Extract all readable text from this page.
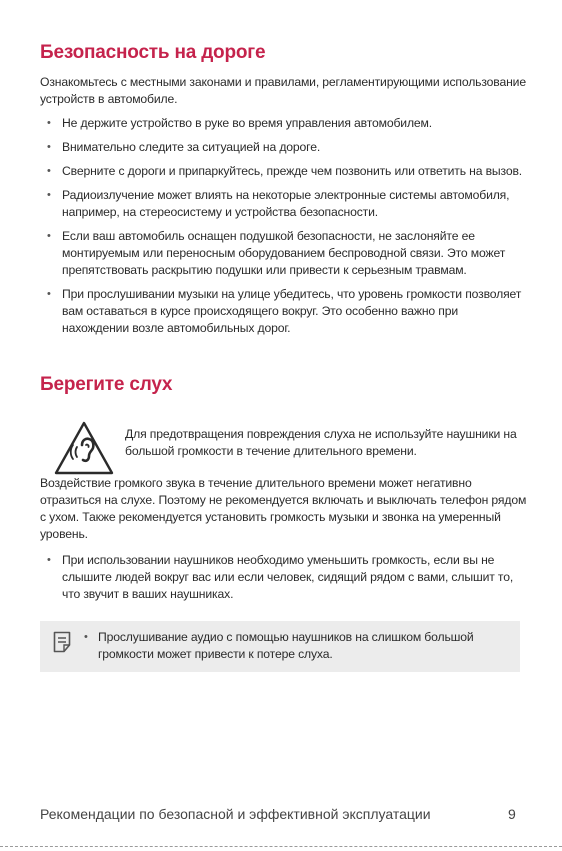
Безопасность на дороге

Ознакомьтесь с местными законами и правилами, регламентирующими использование устройств в автомобиле.

• Не держите устройство в руке во время управления автомобилем.
• Внимательно следите за ситуацией на дороге.
• Сверните с дороги и припаркуйтесь, прежде чем позвонить или ответить на вызов.
• Радиоизлучение может влиять на некоторые электронные системы автомобиля, например, на стереосистему и устройства безопасности.
• Если ваш автомобиль оснащен подушкой безопасности, не заслоняйте ее монтируемым или переносным оборудованием беспроводной связи. Это может препятствовать раскрытию подушки или привести к серьезным травмам.
• При прослушивании музыки на улице убедитесь, что уровень громкости позволяет вам оставаться в курсе происходящего вокруг. Это особенно важно при нахождении возле автомобильных дорог.
Берегите слух

Для предотвращения повреждения слуха не используйте наушники на большой громкости в течение длительного времени.

Воздействие громкого звука в течение длительного времени может негативно отразиться на слухе. Поэтому не рекомендуется включать и выключать телефон рядом с ухом. Также рекомендуется установить громкость музыки и звонка на умеренный уровень.

• При использовании наушников необходимо уменьшить громкость, если вы не слышите людей вокруг вас или если человек, сидящий рядом с вами, слышит то, что звучит в ваших наушниках.
• Прослушивание аудио с помощью наушников на слишком большой громкости может привести к потере слуха.

Рекомендации по безопасной и эффективной эксплуатации	9
